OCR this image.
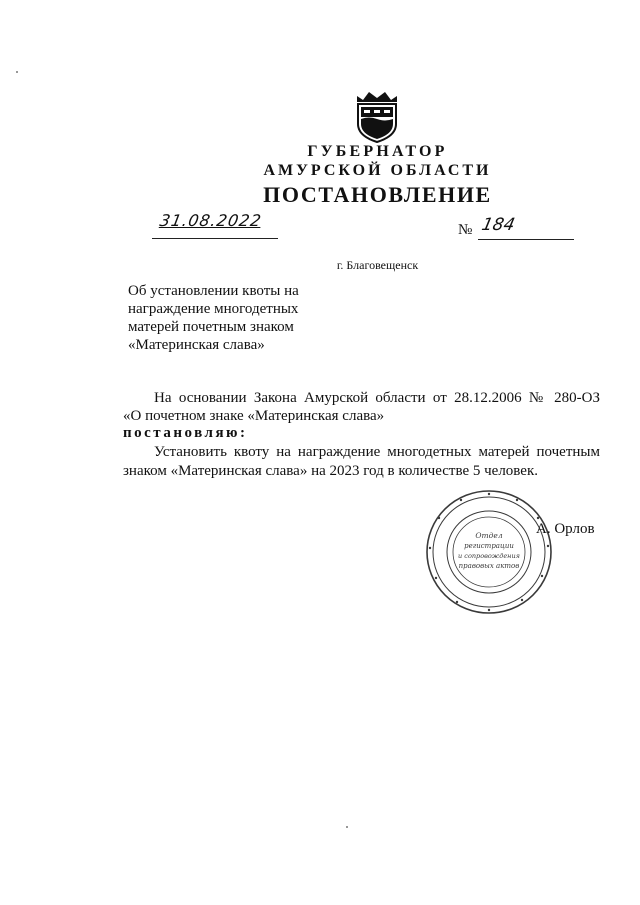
ГУБЕРНАТОР
АМУРСКОЙ ОБЛАСТИ
ПОСТАНОВЛЕНИЕ
31.08.2022	№ 184
г. Благовещенск
Об установлении квоты на
награждение многодетных
матерей почетным знаком
«Материнская слава»
На основании Закона Амурской области от 28.12.2006 № 280-ОЗ
«О почетном знаке «Материнская слава»
постановляю:
Установить квоту на награждение многодетных матерей почетным
знаком «Материнская слава» на 2023 год в количестве 5 человек.
Отдел
регистрации
и сопровождения
правовых актов
А. Орлов
